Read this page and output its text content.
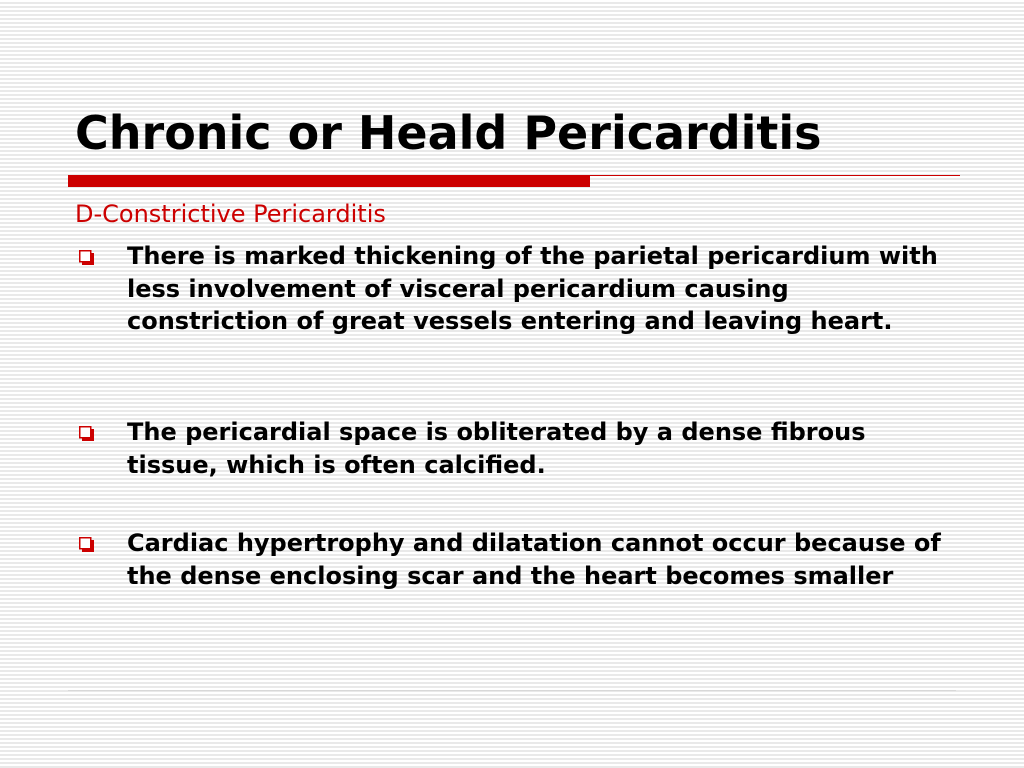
Chronic or Heald Pericarditis

D-Constrictive Pericarditis

There is marked thickening of the parietal pericardium with less involvement of visceral pericardium causing constriction of great vessels entering and leaving heart.

The pericardial space is obliterated by a dense fibrous tissue, which is often calcified.

Cardiac hypertrophy and dilatation cannot occur because of the dense enclosing scar and the heart becomes smaller
